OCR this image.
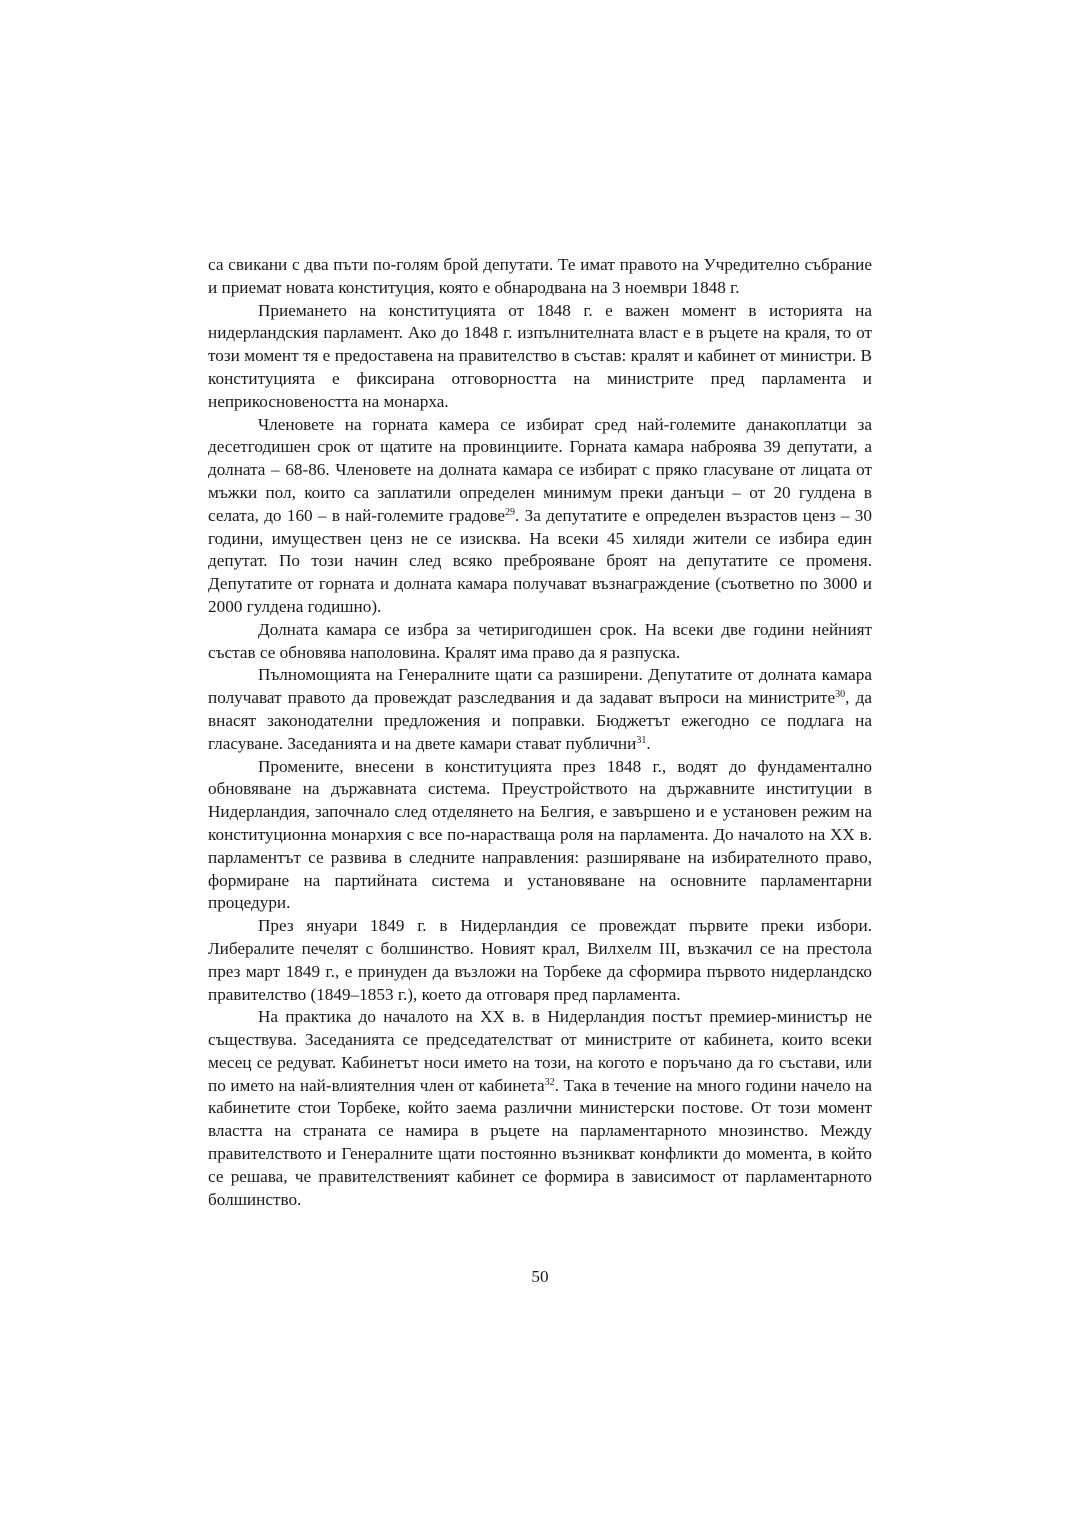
са свикани с два пъти по-голям брой депутати. Те имат правото на Учредително събрание и приемат новата конституция, която е обнародвана на 3 ноември 1848 г.

Приемането на конституцията от 1848 г. е важен момент в историята на нидерландския парламент. Ако до 1848 г. изпълнителната власт е в ръцете на краля, то от този момент тя е предоставена на правителство в състав: кралят и кабинет от министри. В конституцията е фиксирана отговорността на министрите пред парламента и неприкосновеността на монарха.

Членовете на горната камера се избират сред най-големите данакоплатци за десетгодишен срок от щатите на провинциите. Горната камара наброява 39 депутати, а долната – 68-86. Членовете на долната камара се избират с пряко гласуване от лицата от мъжки пол, които са заплатили определен минимум преки данъци – от 20 гулдена в селата, до 160 – в най-големите градове$^{29}$. За депутатите е определен възрастов ценз – 30 години, имуществен ценз не се изисква. На всеки 45 хиляди жители се избира един депутат. По този начин след всяко преброяване броят на депутатите се променя. Депутатите от горната и долната камара получават възнаграждение (съответно по 3000 и 2000 гулдена годишно).

Долната камара се избра за четиригодишен срок. На всеки две години нейният състав се обновява наполовина. Кралят има право да я разпуска.

Пълномощията на Генералните щати са разширени. Депутатите от долната камара получават правото да провеждат разследвания и да задават въпроси на министрите$^{30}$, да внасят законодателни предложения и поправки. Бюджетът ежегодно се подлага на гласуване. Заседанията и на двете камари стават публични$^{31}$.

Промените, внесени в конституцията през 1848 г., водят до фундаментално обновяване на държавната система. Преустройството на държавните институции в Нидерландия, започнало след отделянето на Белгия, е завършено и е установен режим на конституционна монархия с все по-нарастваща роля на парламента. До началото на XX в. парламентът се развива в следните направления: разширяване на избирателното право, формиране на партийната система и установяване на основните парламентарни процедури.

През януари 1849 г. в Нидерландия се провеждат първите преки избори. Либералите печелят с болшинство. Новият крал, Вилхелм III, възкачил се на престола през март 1849 г., е принуден да възложи на Торбеке да сформира първото нидерландско правителство (1849–1853 г.), което да отговаря пред парламента.

На практика до началото на XX в. в Нидерландия постът премиер-министър не съществува. Заседанията се председателстват от министрите от кабинета, които всеки месец се редуват. Кабинетът носи името на този, на когото е поръчано да го състави, или по името на най-влиятелния член от кабинета$^{32}$. Така в течение на много години начело на кабинетите стои Торбеке, който заема различни министерски постове. От този момент властта на страната се намира в ръцете на парламентарното мнозинство. Между правителството и Генералните щати постоянно възникват конфликти до момента, в който се решава, че правителственият кабинет се формира в зависимост от парламентарното болшинство.

50
